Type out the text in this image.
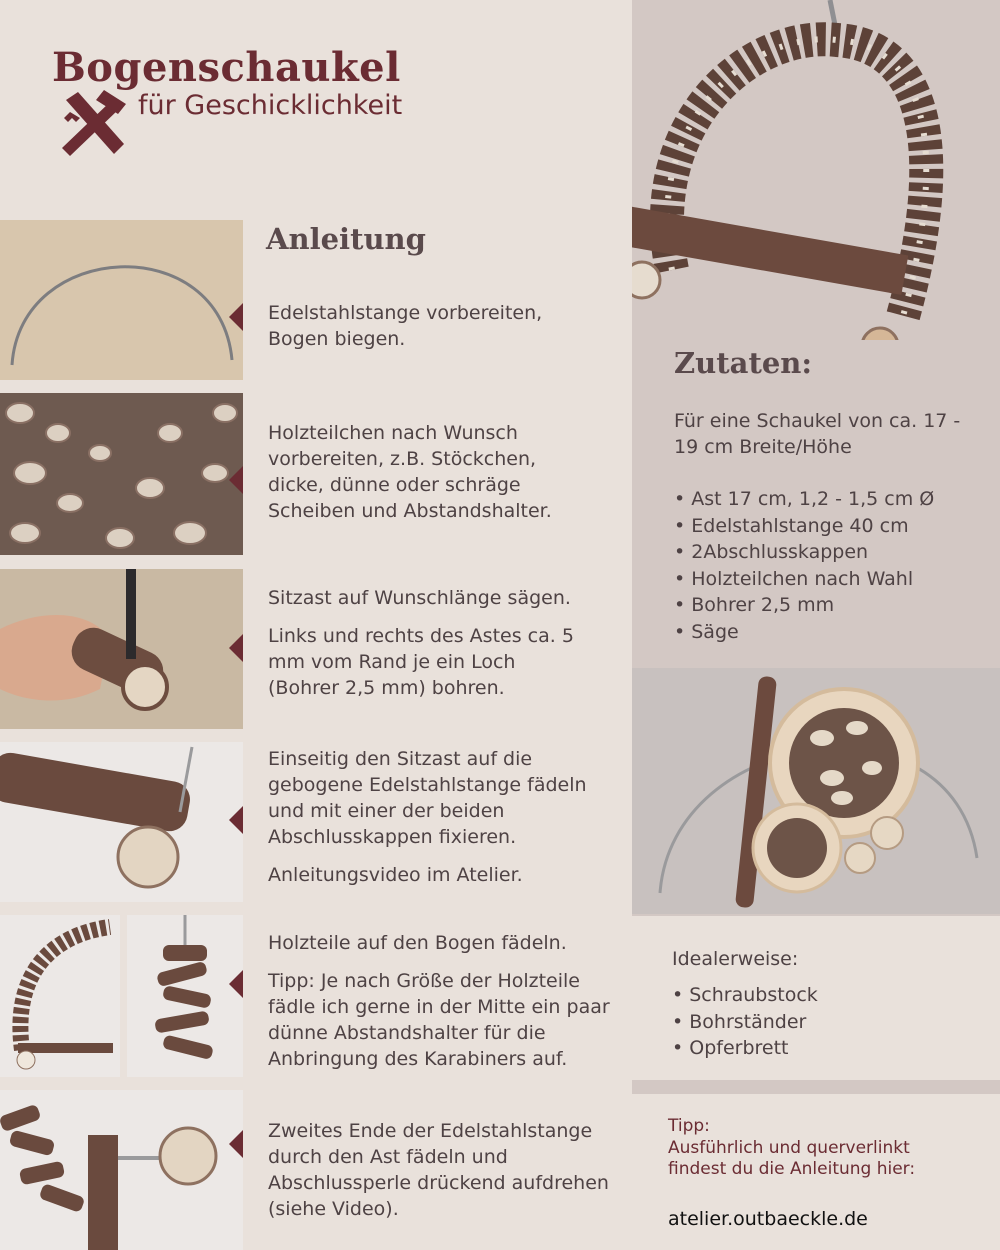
Bogenschaukel
für Geschicklichkeit
Anleitung

Edelstahlstange vorbereiten, Bogen biegen.

Holzteilchen nach Wunsch vorbereiten, z.B. Stöckchen, dicke, dünne oder schräge Scheiben und Abstandshalter.

Sitzast auf Wunschlänge sägen.

Links und rechts des Astes ca. 5 mm vom Rand je ein Loch (Bohrer 2,5 mm) bohren.

Einseitig den Sitzast auf die gebogene Edelstahlstange fädeln und mit einer der beiden Abschlusskappen fixieren.

Anleitungsvideo im Atelier.

Holzteile auf den Bogen fädeln.

Tipp: Je nach Größe der Holzteile fädle ich gerne in der Mitte ein paar dünne Abstandshalter für die Anbringung des Karabiners auf.

Zweites Ende der Edelstahlstange durch den Ast fädeln und Abschlussperle drückend aufdrehen (siehe Video).

Zutaten:
Für eine Schaukel von ca. 17 - 19 cm Breite/Höhe
• Ast 17 cm, 1,2 - 1,5 cm Ø
• Edelstahlstange 40 cm
• 2Abschlusskappen
• Holzteilchen nach Wahl
• Bohrer 2,5 mm
• Säge
Idealerweise:
• Schraubstock
• Bohrständer
• Opferbrett
Tipp:
Ausführlich und querverlinkt findest du die Anleitung hier:
atelier.outbaeckle.de
